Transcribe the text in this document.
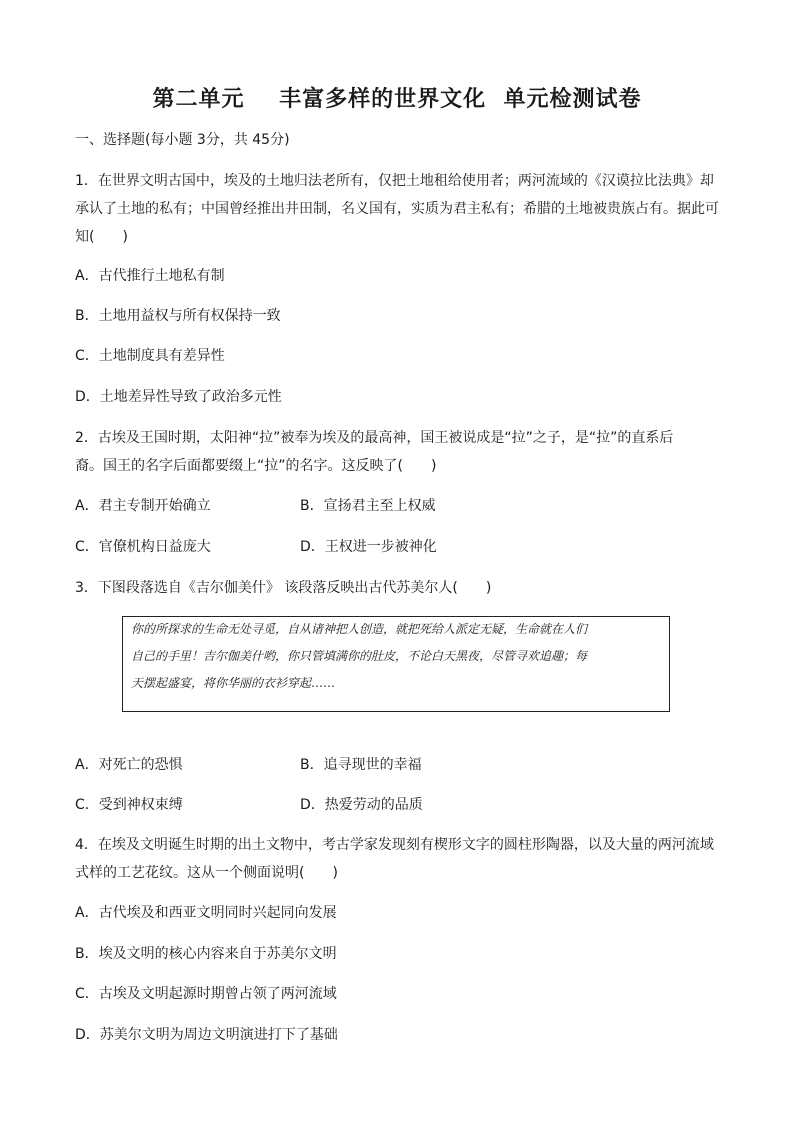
第二单元    丰富多样的世界文化  单元检测试卷
一、选择题(每小题 3分，共 45分)
1．在世界文明古国中，埃及的土地归法老所有，仅把土地租给使用者；两河流域的《汉谟拉比法典》却
承认了土地的私有；中国曾经推出井田制，名义国有，实质为君主私有；希腊的土地被贵族占有。据此可
知(　　)
A．古代推行土地私有制
B．土地用益权与所有权保持一致
C．土地制度具有差异性
D．土地差异性导致了政治多元性
2．古埃及王国时期，太阳神“拉”被奉为埃及的最高神，国王被说成是“拉”之子，是“拉”的直系后
裔。国王的名字后面都要缀上“拉”的名字。这反映了(　　)
A．君主专制开始确立	B．宣扬君主至上权威
C．官僚机构日益庞大	D．王权进一步被神化
3．下图段落选自《吉尔伽美什》 该段落反映出古代苏美尔人(　　)
你的所探求的生命无处寻觅，自从诸神把人创造，就把死给人派定无疑，生命就在人们
自己的手里！吉尔伽美什哟，你只管填满你的肚皮，不论白天黑夜，尽管寻欢追趣；每
天摆起盛宴，将你华丽的衣衫穿起……
A．对死亡的恐惧	B．追寻现世的幸福
C．受到神权束缚	D．热爱劳动的品质
4．在埃及文明诞生时期的出土文物中，考古学家发现刻有楔形文字的圆柱形陶器，以及大量的两河流域
式样的工艺花纹。这从一个侧面说明(　　)
A．古代埃及和西亚文明同时兴起同向发展
B．埃及文明的核心内容来自于苏美尔文明
C．古埃及文明起源时期曾占领了两河流域
D．苏美尔文明为周边文明演进打下了基础
